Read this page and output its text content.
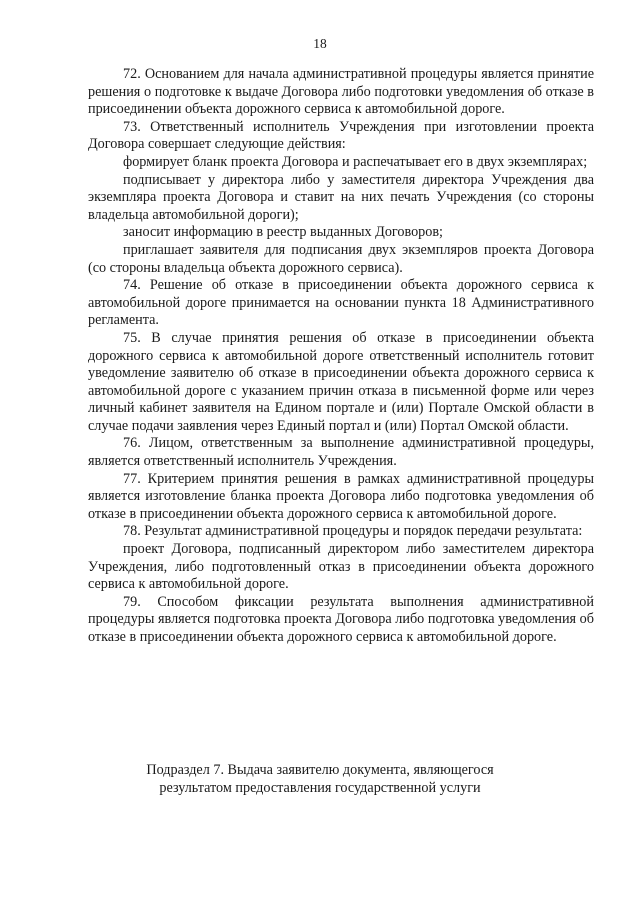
18

72. Основанием для начала административной процедуры является принятие решения о подготовке к выдаче Договора либо подготовки уведомления об отказе в присоединении объекта дорожного сервиса к автомобильной дороге.

73. Ответственный исполнитель Учреждения при изготовлении проекта Договора совершает следующие действия:

формирует бланк проекта Договора и распечатывает его в двух экземплярах;

подписывает у директора либо у заместителя директора Учреждения два экземпляра проекта Договора и ставит на них печать Учреждения (со стороны владельца автомобильной дороги);

заносит информацию в реестр выданных Договоров;

приглашает заявителя для подписания двух экземпляров проекта Договора (со стороны владельца объекта дорожного сервиса).

74. Решение об отказе в присоединении объекта дорожного сервиса к автомобильной дороге принимается на основании пункта 18 Административного регламента.

75. В случае принятия решения об отказе в присоединении объекта дорожного сервиса к автомобильной дороге ответственный исполнитель готовит уведомление заявителю об отказе в присоединении объекта дорожного сервиса к автомобильной дороге с указанием причин отказа в письменной форме или через личный кабинет заявителя на Едином портале и (или) Портале Омской области в случае подачи заявления через Единый портал и (или) Портал Омской области.

76. Лицом, ответственным за выполнение административной процедуры, является ответственный исполнитель Учреждения.

77. Критерием принятия решения в рамках административной процедуры является изготовление бланка проекта Договора либо подготовка уведомления об отказе в присоединении объекта дорожного сервиса к автомобильной дороге.

78. Результат административной процедуры и порядок передачи результата:

проект Договора, подписанный директором либо заместителем директора Учреждения, либо подготовленный отказ в присоединении объекта дорожного сервиса к автомобильной дороге.

79. Способом фиксации результата выполнения административной процедуры является подготовка проекта Договора либо подготовка уведомления об отказе в присоединении объекта дорожного сервиса к автомобильной дороге.

Подраздел 7. Выдача заявителю документа, являющегося
результатом предоставления государственной услуги
